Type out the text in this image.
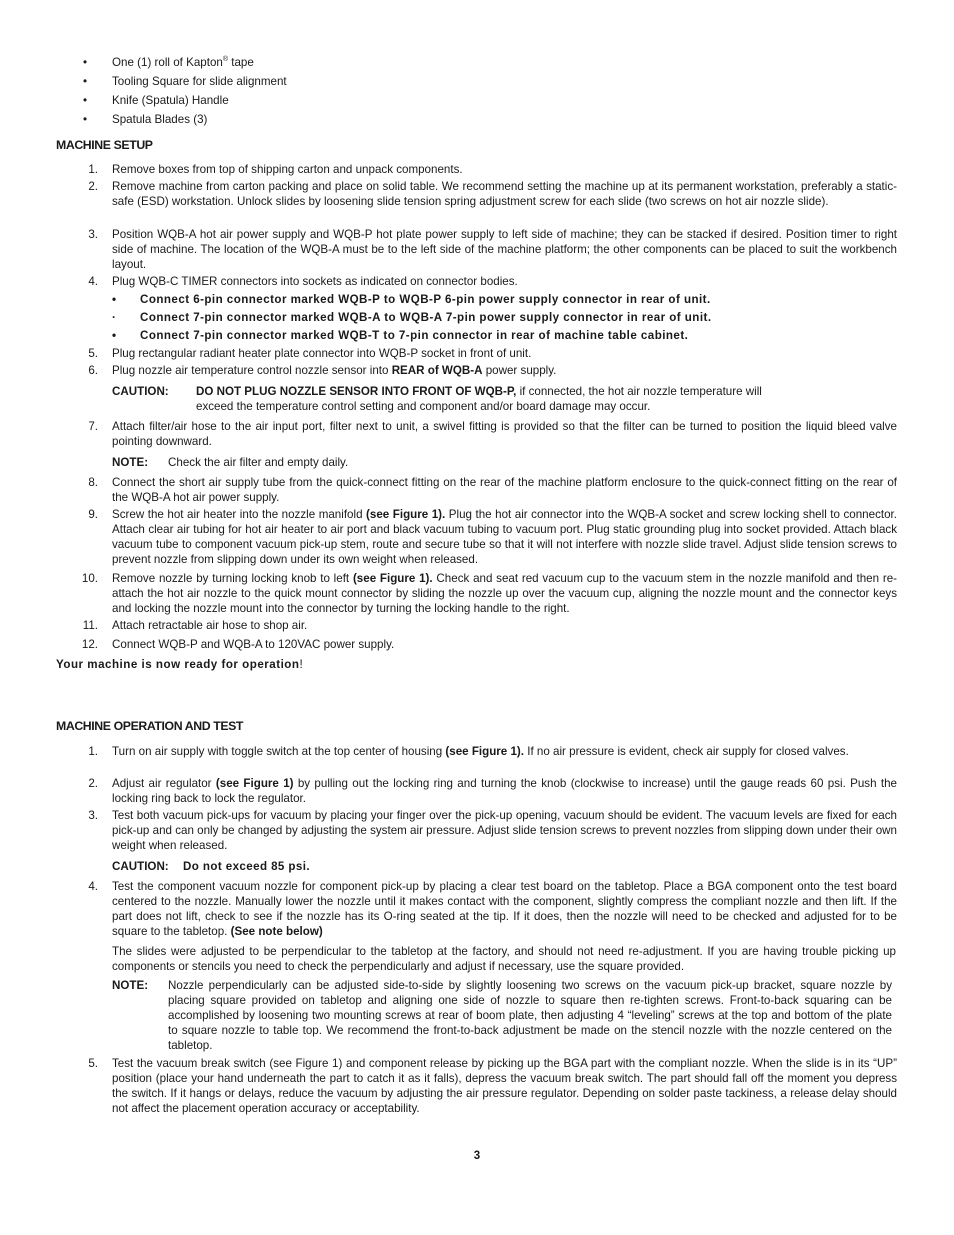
• One (1) roll of Kapton® tape
• Tooling Square for slide alignment
• Knife (Spatula) Handle
• Spatula Blades (3)
MACHINE SETUP
1. Remove boxes from top of shipping carton and unpack components.
2. Remove machine from carton packing and place on solid table. We recommend setting the machine up at its permanent workstation, preferably a static-safe (ESD) workstation. Unlock slides by loosening slide tension spring adjustment screw for each slide (two screws on hot air nozzle slide).
3. Position WQB-A hot air power supply and WQB-P hot plate power supply to left side of machine; they can be stacked if desired. Position timer to right side of machine. The location of the WQB-A must be to the left side of the machine platform; the other components can be placed to suit the workbench layout.
4. Plug WQB-C TIMER connectors into sockets as indicated on connector bodies.
• Connect 6-pin connector marked WQB-P to WQB-P 6-pin power supply connector in rear of unit.
· Connect 7-pin connector marked WQB-A to WQB-A 7-pin power supply connector in rear of unit.
• Connect 7-pin connector marked WQB-T to 7-pin connector in rear of machine table cabinet.
5. Plug rectangular radiant heater plate connector into WQB-P socket in front of unit.
6. Plug nozzle air temperature control nozzle sensor into REAR of WQB-A power supply.
CAUTION: DO NOT PLUG NOZZLE SENSOR INTO FRONT OF WQB-P, if connected, the hot air nozzle temperature will
exceed the temperature control setting and component and/or board damage may occur.
7. Attach filter/air hose to the air input port, filter next to unit, a swivel fitting is provided so that the filter can be turned to position the liquid bleed valve pointing downward.
NOTE: Check the air filter and empty daily.
8. Connect the short air supply tube from the quick-connect fitting on the rear of the machine platform enclosure to the quick-connect fitting on the rear of the WQB-A hot air power supply.
9. Screw the hot air heater into the nozzle manifold (see Figure 1). Plug the hot air connector into the WQB-A socket and screw locking shell to connector. Attach clear air tubing for hot air heater to air port and black vacuum tubing to vacuum port. Plug static grounding plug into socket provided. Attach black vacuum tube to component vacuum pick-up stem, route and secure tube so that it will not interfere with nozzle slide travel. Adjust slide tension screws to prevent nozzle from slipping down under its own weight when released.
10. Remove nozzle by turning locking knob to left (see Figure 1). Check and seat red vacuum cup to the vacuum stem in the nozzle manifold and then re-attach the hot air nozzle to the quick mount connector by sliding the nozzle up over the vacuum cup, aligning the nozzle mount and the connector keys and locking the nozzle mount into the connector by turning the locking handle to the right.
11. Attach retractable air hose to shop air.
12. Connect WQB-P and WQB-A to 120VAC power supply.
Your machine is now ready for operation!
MACHINE OPERATION AND TEST
1. Turn on air supply with toggle switch at the top center of housing (see Figure 1). If no air pressure is evident, check air supply for closed valves.
2. Adjust air regulator (see Figure 1) by pulling out the locking ring and turning the knob (clockwise to increase) until the gauge reads 60 psi. Push the locking ring back to lock the regulator.
3. Test both vacuum pick-ups for vacuum by placing your finger over the pick-up opening, vacuum should be evident. The vacuum levels are fixed for each pick-up and can only be changed by adjusting the system air pressure. Adjust slide tension screws to prevent nozzles from slipping down under their own weight when released.
CAUTION: Do not exceed 85 psi.
4. Test the component vacuum nozzle for component pick-up by placing a clear test board on the tabletop. Place a BGA component onto the test board centered to the nozzle. Manually lower the nozzle until it makes contact with the component, slightly compress the compliant nozzle and then lift. If the part does not lift, check to see if the nozzle has its O-ring seated at the tip. If it does, then the nozzle will need to be checked and adjusted for to be square to the tabletop. (See note below)
The slides were adjusted to be perpendicular to the tabletop at the factory, and should not need re-adjustment. If you are having trouble picking up components or stencils you need to check the perpendicularly and adjust if necessary, use the square provided.
NOTE: Nozzle perpendicularly can be adjusted side-to-side by slightly loosening two screws on the vacuum pick-up bracket, square nozzle by placing square provided on tabletop and aligning one side of nozzle to square then re-tighten screws. Front-to-back squaring can be accomplished by loosening two mounting screws at rear of boom plate, then adjusting 4 “leveling” screws at the top and bottom of the plate to square nozzle to table top. We recommend the front-to-back adjustment be made on the stencil nozzle with the nozzle centered on the tabletop.
5. Test the vacuum break switch (see Figure 1) and component release by picking up the BGA part with the compliant nozzle. When the slide is in its “UP” position (place your hand underneath the part to catch it as it falls), depress the vacuum break switch. The part should fall off the moment you depress the switch. If it hangs or delays, reduce the vacuum by adjusting the air pressure regulator. Depending on solder paste tackiness, a release delay should not affect the placement operation accuracy or acceptability.
3
